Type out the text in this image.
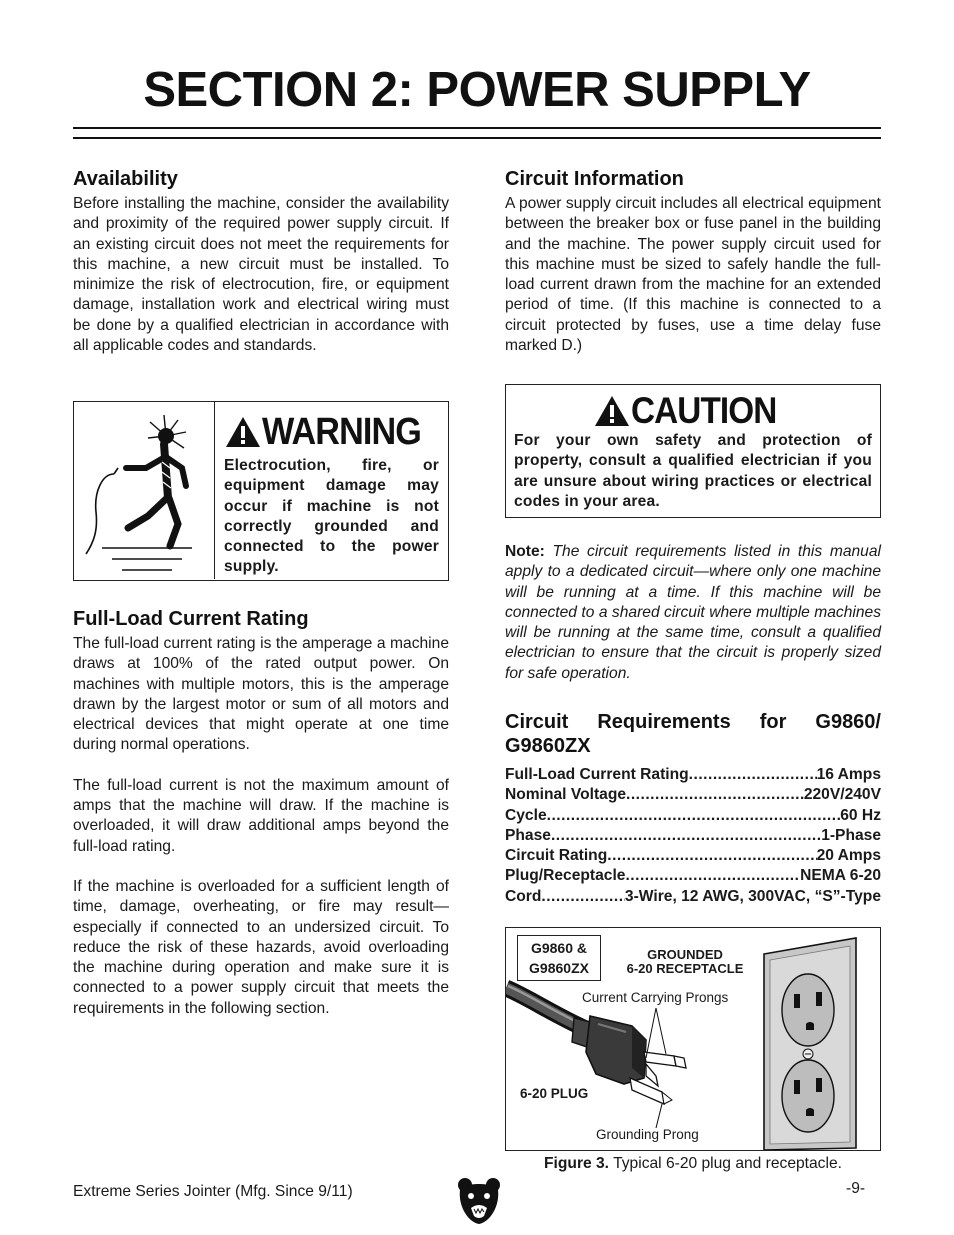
SECTION 2: POWER SUPPLY
Availability
Before installing the machine, consider the availability and proximity of the required power supply circuit. If an existing circuit does not meet the requirements for this machine, a new circuit must be installed. To minimize the risk of electrocution, fire, or equipment damage, installation work and electrical wiring must be done by a qualified electrician in accordance with all applicable codes and standards.
WARNING
Electrocution, fire, or equipment damage may occur if machine is not correctly grounded and connected to the power supply.
Full-Load Current Rating
The full-load current rating is the amperage a machine draws at 100% of the rated output power. On machines with multiple motors, this is the amperage drawn by the largest motor or sum of all motors and electrical devices that might operate at one time during normal operations.
The full-load current is not the maximum amount of amps that the machine will draw. If the machine is overloaded, it will draw additional amps beyond the full-load rating.
If the machine is overloaded for a sufficient length of time, damage, overheating, or fire may result—especially if connected to an undersized circuit. To reduce the risk of these hazards, avoid overloading the machine during operation and make sure it is connected to a power supply circuit that meets the requirements in the following section.
Circuit Information
A power supply circuit includes all electrical equipment between the breaker box or fuse panel in the building and the machine. The power supply circuit used for this machine must be sized to safely handle the full-load current drawn from the machine for an extended period of time. (If this machine is connected to a circuit protected by fuses, use a time delay fuse marked D.)
CAUTION
For your own safety and protection of property, consult a qualified electrician if you are unsure about wiring practices or electrical codes in your area.
Note: The circuit requirements listed in this manual apply to a dedicated circuit—where only one machine will be running at a time. If this machine will be connected to a shared circuit where multiple machines will be running at the same time, consult a qualified electrician to ensure that the circuit is properly sized for safe operation.
Circuit Requirements for G9860/ G9860ZX
Full-Load Current Rating .....	16 Amps
Nominal Voltage .....	220V/240V
Cycle .....	60 Hz
Phase .....	1-Phase
Circuit Rating .....	20 Amps
Plug/Receptacle .....	NEMA 6-20
Cord .....	3-Wire, 12 AWG, 300VAC, “S”-Type
G9860 &
G9860ZX
GROUNDED
6-20 RECEPTACLE
Current Carrying Prongs
6-20 PLUG
Grounding Prong
Figure 3. Typical 6-20 plug and receptacle.
Extreme Series Jointer (Mfg. Since 9/11)	-9-
